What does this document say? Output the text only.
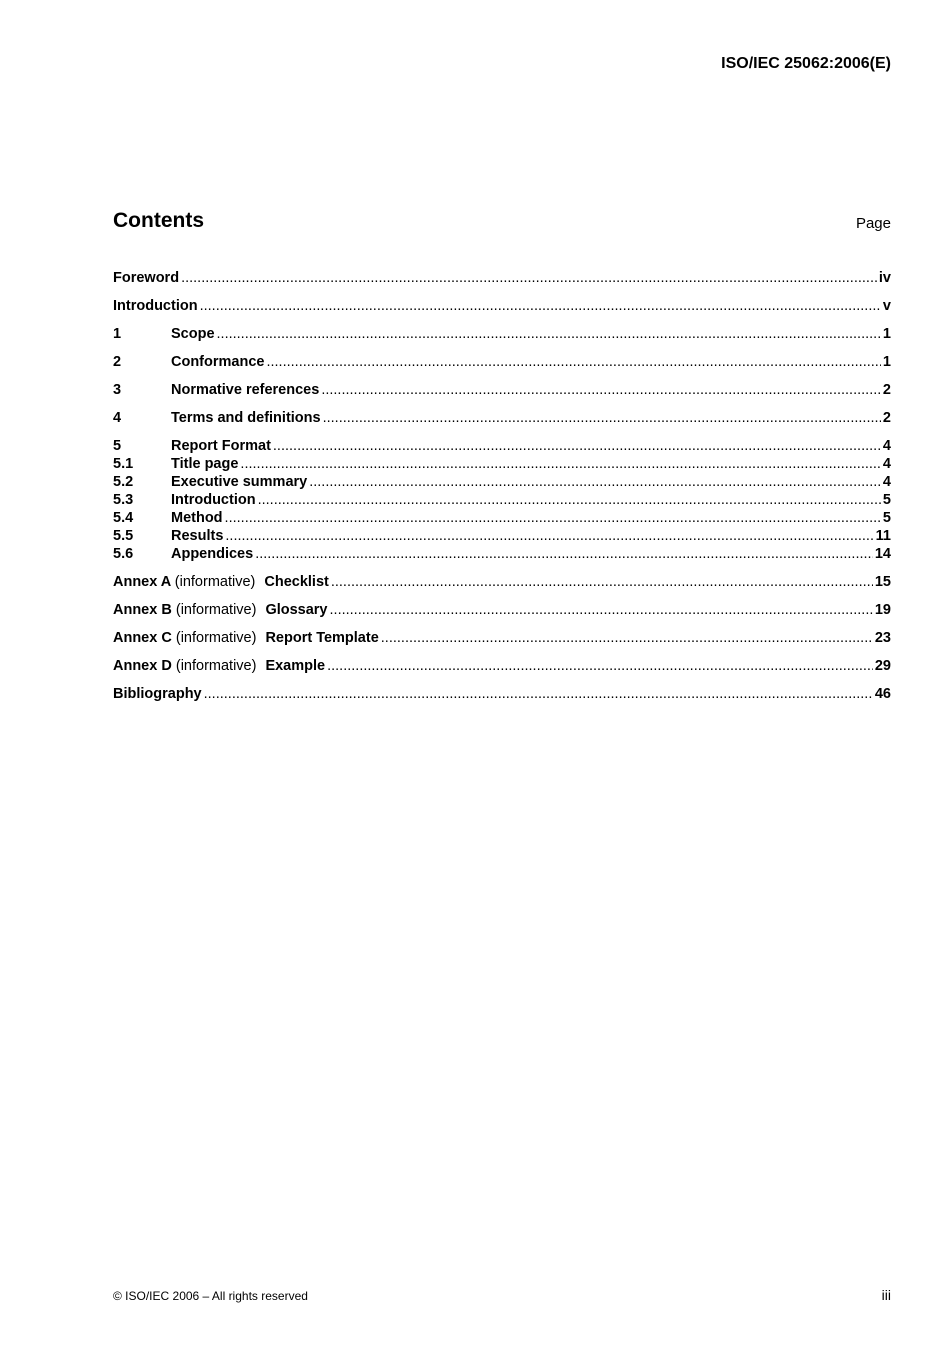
ISO/IEC 25062:2006(E)
Contents	Page
Foreword .....	iv
Introduction .....	v
1	Scope .....	1
2	Conformance .....	1
3	Normative references .....	2
4	Terms and definitions .....	2
5	Report Format .....	4
5.1	Title page .....	4
5.2	Executive summary .....	4
5.3	Introduction .....	5
5.4	Method .....	5
5.5	Results .....	11
5.6	Appendices .....	14
Annex A (informative) Checklist .....	15
Annex B (informative) Glossary .....	19
Annex C (informative) Report Template .....	23
Annex D (informative) Example .....	29
Bibliography .....	46
© ISO/IEC 2006 – All rights reserved	iii
